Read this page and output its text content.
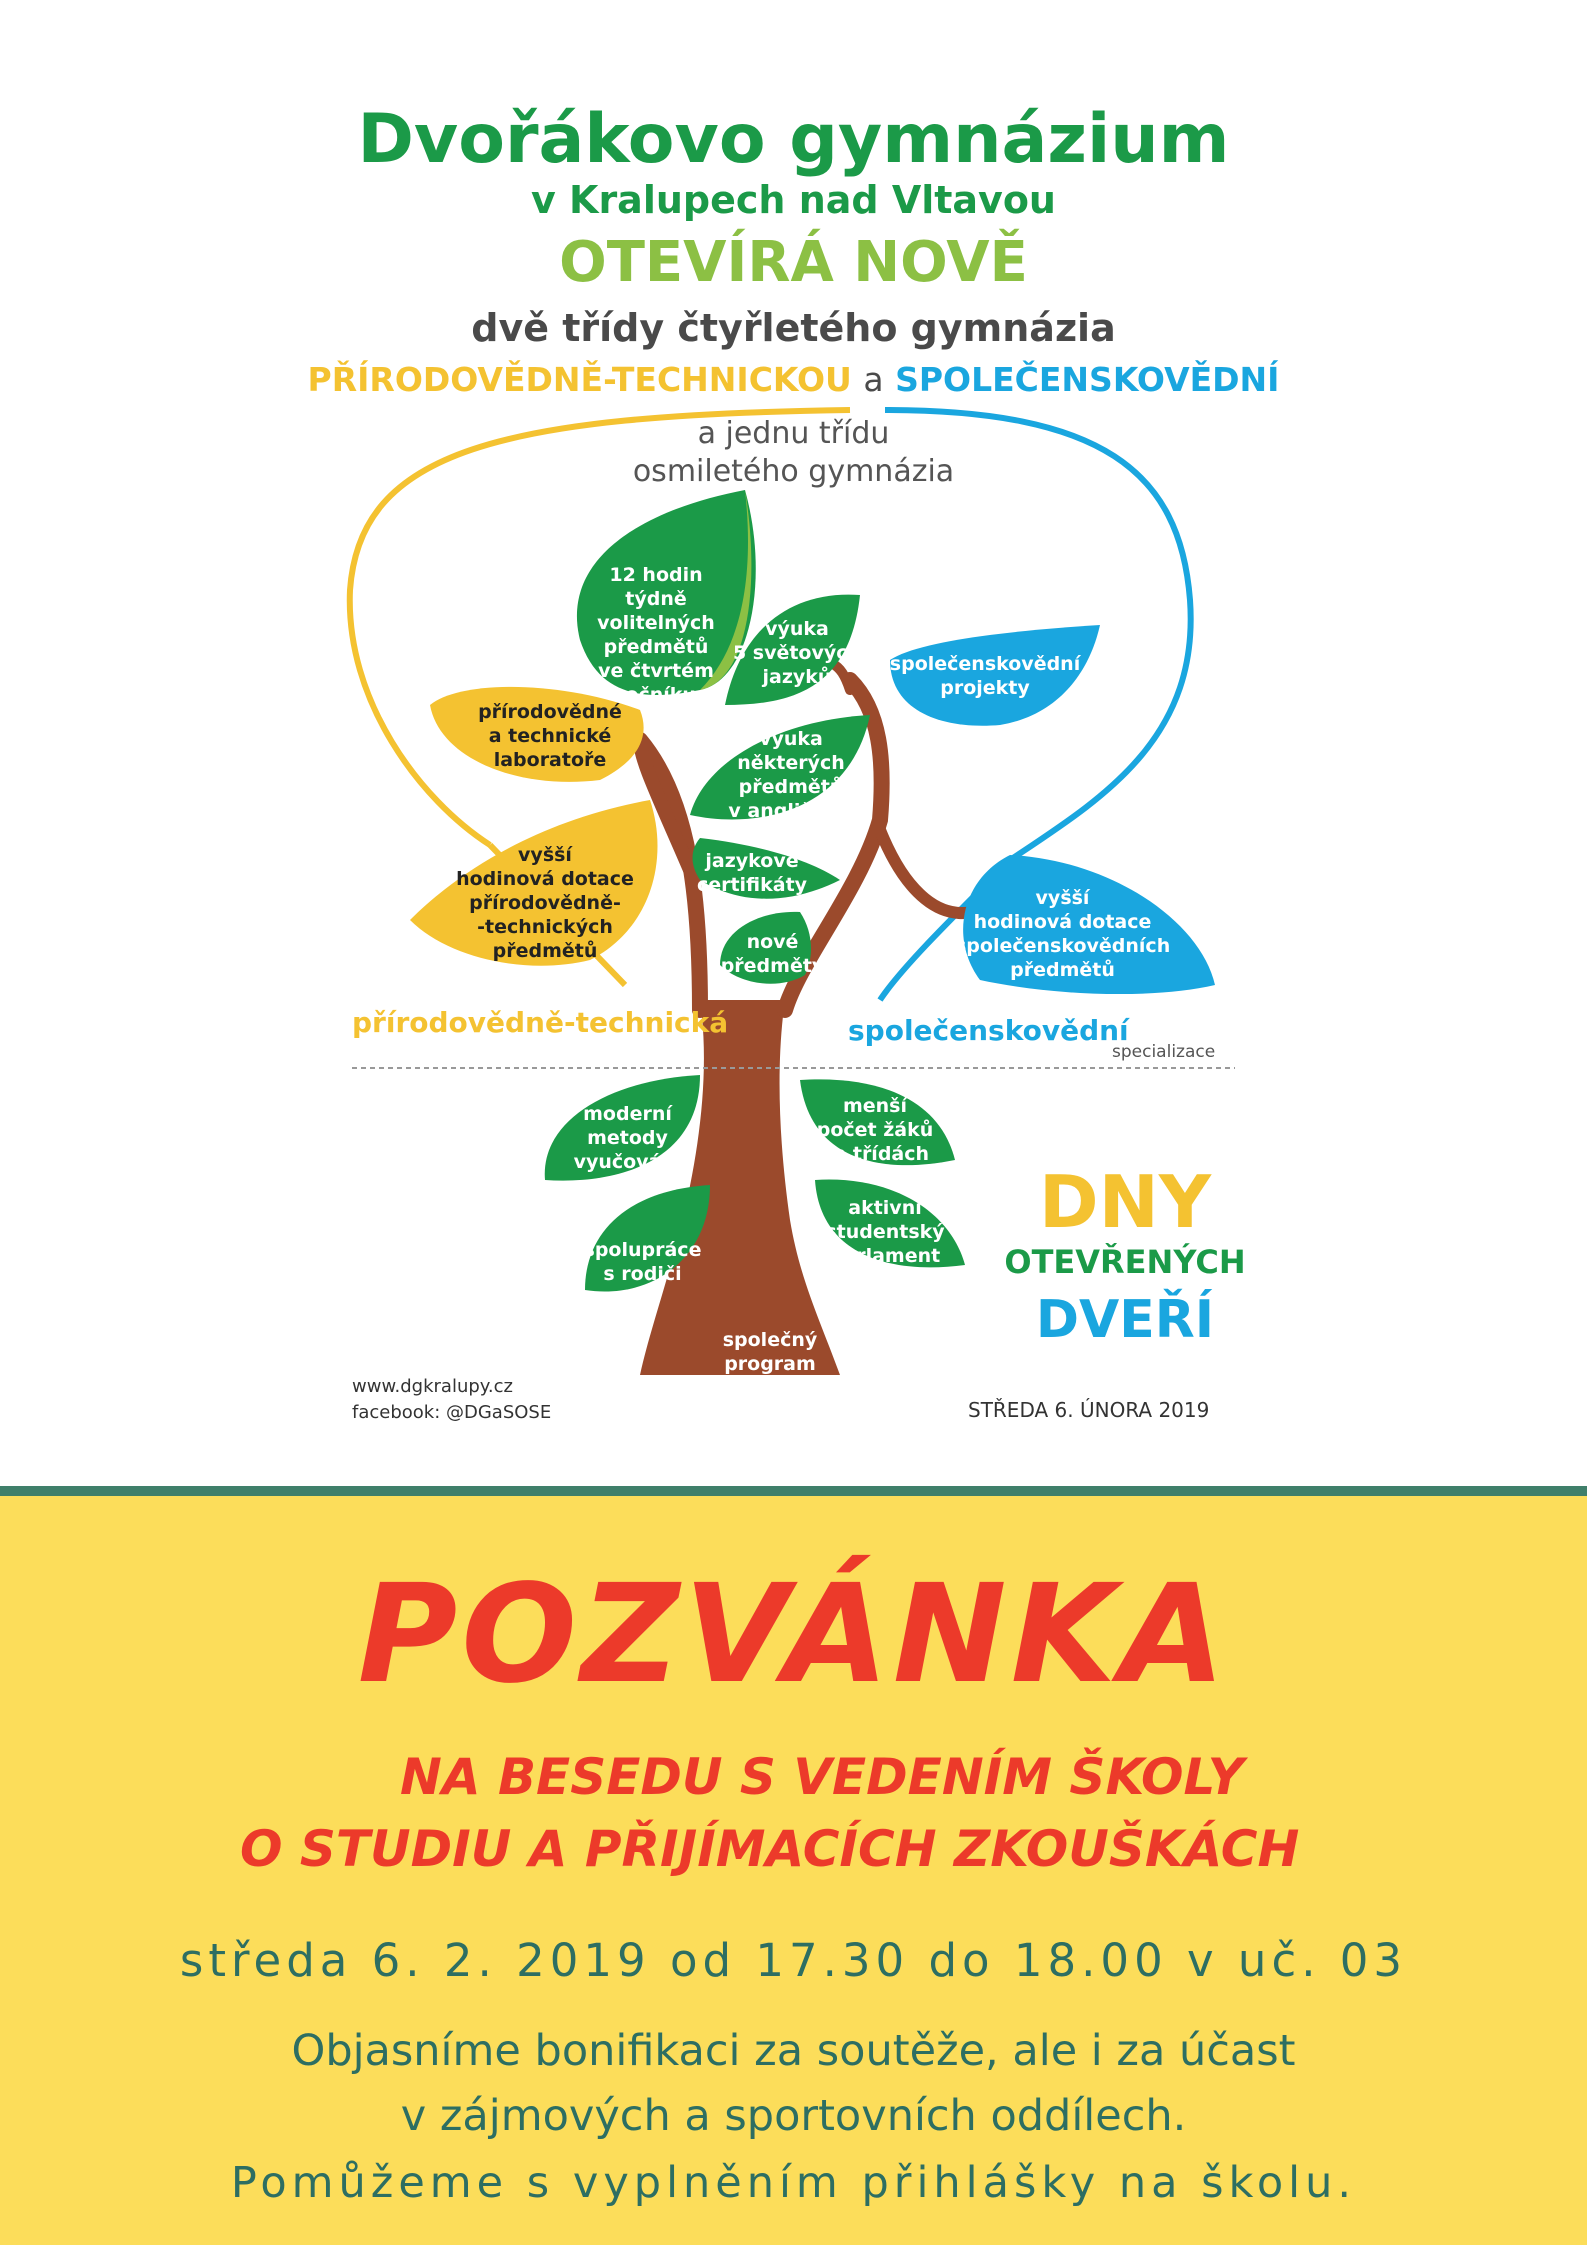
Dvořákovo gymnázium
v Kralupech nad Vltavou
OTEVÍRÁ NOVĚ
dvě třídy čtyřletého gymnázia
PŘÍRODOVĚDNĚ-TECHNICKOU a SPOLEČENSKOVĚDNÍ
a jednu třídu
osmiletého gymnázia
12 hodin týdně
volitelných
předmětů
ve čtvrtém
ročníku
výuka
5 světových
jazyků
společenskovědní
projekty
přírodovědné
a technické
laboratoře
výuka
některých
předmětů
v angličtině
jazykové
certifikáty
nové
předměty
vyšší
hodinová dotace
přírodovědně-
-technických
předmětů
vyšší
hodinová dotace
společenskovědních
předmětů
moderní
metody
vyučování
menší
počet žáků
ve třídách
spolupráce
s rodiči
aktivní
studentský
parlament
společný
program
přírodovědně-technická	společenskovědní
specializace
DNY
OTEVŘENÝCH
DVEŘÍ
www.dgkralupy.cz
facebook: @DGaSOSE	STŘEDA 6. ÚNORA 2019
POZVÁNKA
NA BESEDU S VEDENÍM ŠKOLY
O STUDIU A PŘIJÍMACÍCH ZKOUŠKÁCH
středa 6. 2. 2019 od 17.30 do 18.00 v uč. 03
Objasníme bonifikaci za soutěže, ale i za účast
v zájmových a sportovních oddílech.
Pomůžeme s vyplněním přihlášky na školu.
